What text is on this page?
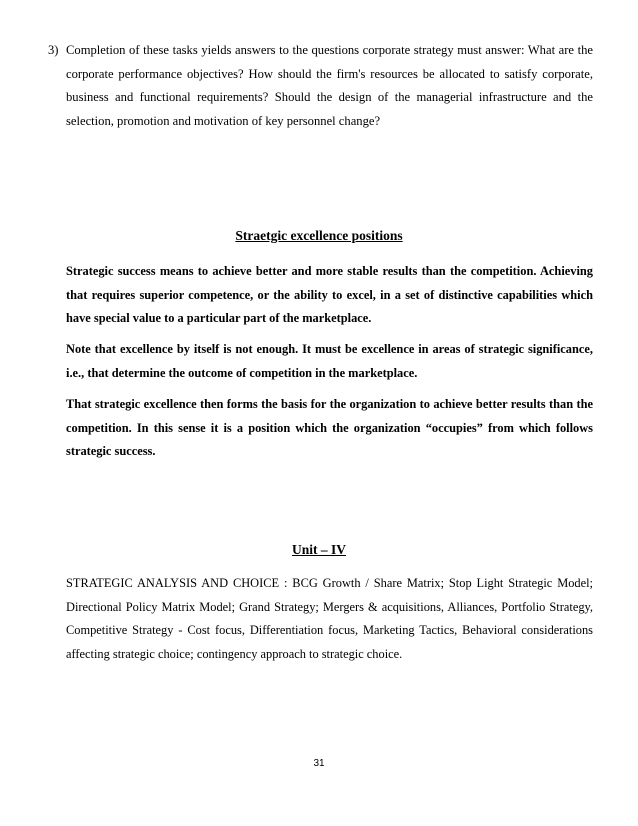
3) Completion of these tasks yields answers to the questions corporate strategy must answer: What are the corporate performance objectives? How should the firm's resources be allocated to satisfy corporate, business and functional requirements? Should the design of the managerial infrastructure and the selection, promotion and motivation of key personnel change?
Straetgic excellence positions
Strategic success means to achieve better and more stable results than the competition. Achieving that requires superior competence, or the ability to excel, in a set of distinctive capabilities which have special value to a particular part of the marketplace.
Note that excellence by itself is not enough. It must be excellence in areas of strategic significance, i.e., that determine the outcome of competition in the marketplace.
That strategic excellence then forms the basis for the organization to achieve better results than the competition. In this sense it is a position which the organization “occupies” from which follows strategic success.
Unit – IV
STRATEGIC ANALYSIS AND CHOICE : BCG Growth / Share Matrix; Stop Light Strategic Model; Directional Policy Matrix Model; Grand Strategy; Mergers & acquisitions, Alliances, Portfolio Strategy, Competitive Strategy - Cost focus, Differentiation focus, Marketing Tactics, Behavioral considerations affecting strategic choice; contingency approach to strategic choice.
31
